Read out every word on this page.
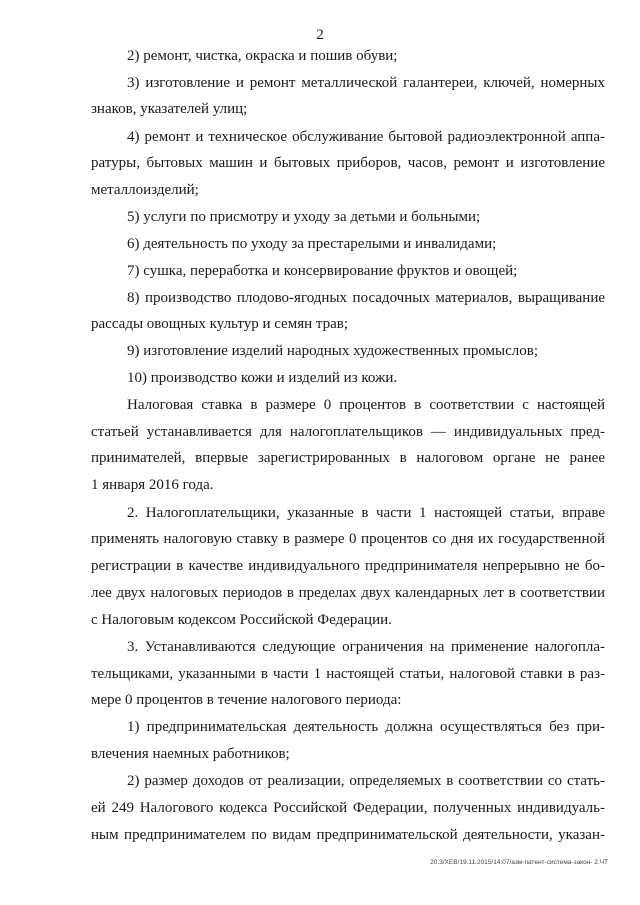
2
2) ремонт, чистка, окраска и пошив обуви;
3) изготовление и ремонт металлической галантереи, ключей, номерных
знаков, указателей улиц;
4) ремонт и техническое обслуживание бытовой радиоэлектронной аппа-
ратуры, бытовых машин и бытовых приборов, часов, ремонт и изготовление
металлоизделий;
5) услуги по присмотру и уходу за детьми и больными;
6) деятельность по уходу за престарелыми и инвалидами;
7) сушка, переработка и консервирование фруктов и овощей;
8) производство плодово-ягодных посадочных материалов, выращивание
рассады овощных культур и семян трав;
9) изготовление изделий народных художественных промыслов;
10) производство кожи и изделий из кожи.
Налоговая ставка в размере 0 процентов в соответствии с настоящей
статьей устанавливается для налогоплательщиков — индивидуальных пред-
принимателей, впервые зарегистрированных в налоговом органе не ранее
1 января 2016 года.
2. Налогоплательщики, указанные в части 1 настоящей статьи, вправе
применять налоговую ставку в размере 0 процентов со дня их государственной
регистрации в качестве индивидуального предпринимателя непрерывно не бо-
лее двух налоговых периодов в пределах двух календарных лет в соответствии
с Налоговым кодексом Российской Федерации.
3. Устанавливаются следующие ограничения на применение налогопла-
тельщиками, указанными в части 1 настоящей статьи, налоговой ставки в раз-
мере 0 процентов в течение налогового периода:
1) предпринимательская деятельность должна осуществляться без при-
влечения наемных работников;
2) размер доходов от реализации, определяемых в соответствии со стать-
ей 249 Налогового кодекса Российской Федерации, полученных индивидуаль-
ным предпринимателем по видам предпринимательской деятельности, указан-
20.3/ХЕВ/19.11.2015/14:07/азм-патент-система-закон- 2.ЧТ
